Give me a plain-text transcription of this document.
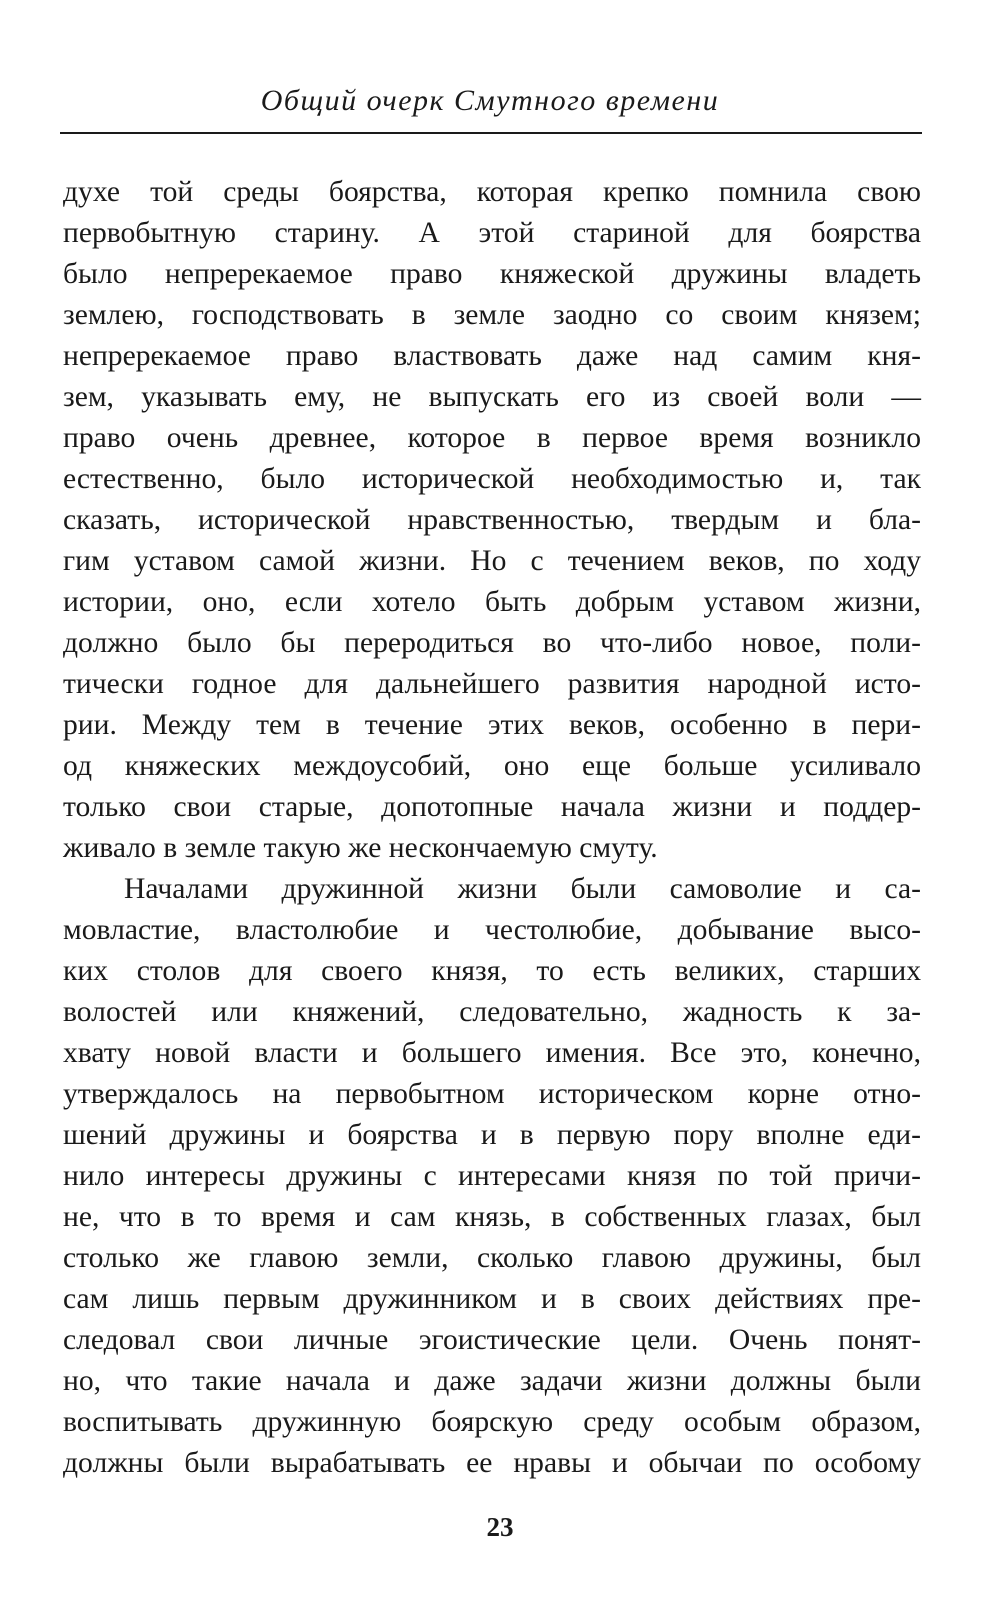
Общий очерк Смутного времени
духе той среды боярства, которая крепко помнила свою
первобытную старину. А этой стариной для боярства
было непререкаемое право княжеской дружины владеть
землею, господствовать в земле заодно со своим князем;
непререкаемое право властвовать даже над самим кня-
зем, указывать ему, не выпускать его из своей воли —
право очень древнее, которое в первое время возникло
естественно, было исторической необходимостью и, так
сказать, исторической нравственностью, твердым и бла-
гим уставом самой жизни. Но с течением веков, по ходу
истории, оно, если хотело быть добрым уставом жизни,
должно было бы переродиться во что-либо новое, поли-
тически годное для дальнейшего развития народной исто-
рии. Между тем в течение этих веков, особенно в пери-
од княжеских междоусобий, оно еще больше усиливало
только свои старые, допотопные начала жизни и поддер-
живало в земле такую же нескончаемую смуту.
Началами дружинной жизни были самоволие и са-
мовластие, властолюбие и честолюбие, добывание высо-
ких столов для своего князя, то есть великих, старших
волостей или княжений, следовательно, жадность к за-
хвату новой власти и большего имения. Все это, конечно,
утверждалось на первобытном историческом корне отно-
шений дружины и боярства и в первую пору вполне еди-
нило интересы дружины с интересами князя по той причи-
не, что в то время и сам князь, в собственных глазах, был
столько же главою земли, сколько главою дружины, был
сам лишь первым дружинником и в своих действиях пре-
следовал свои личные эгоистические цели. Очень понят-
но, что такие начала и даже задачи жизни должны были
воспитывать дружинную боярскую среду особым образом,
должны были вырабатывать ее нравы и обычаи по особому
23
